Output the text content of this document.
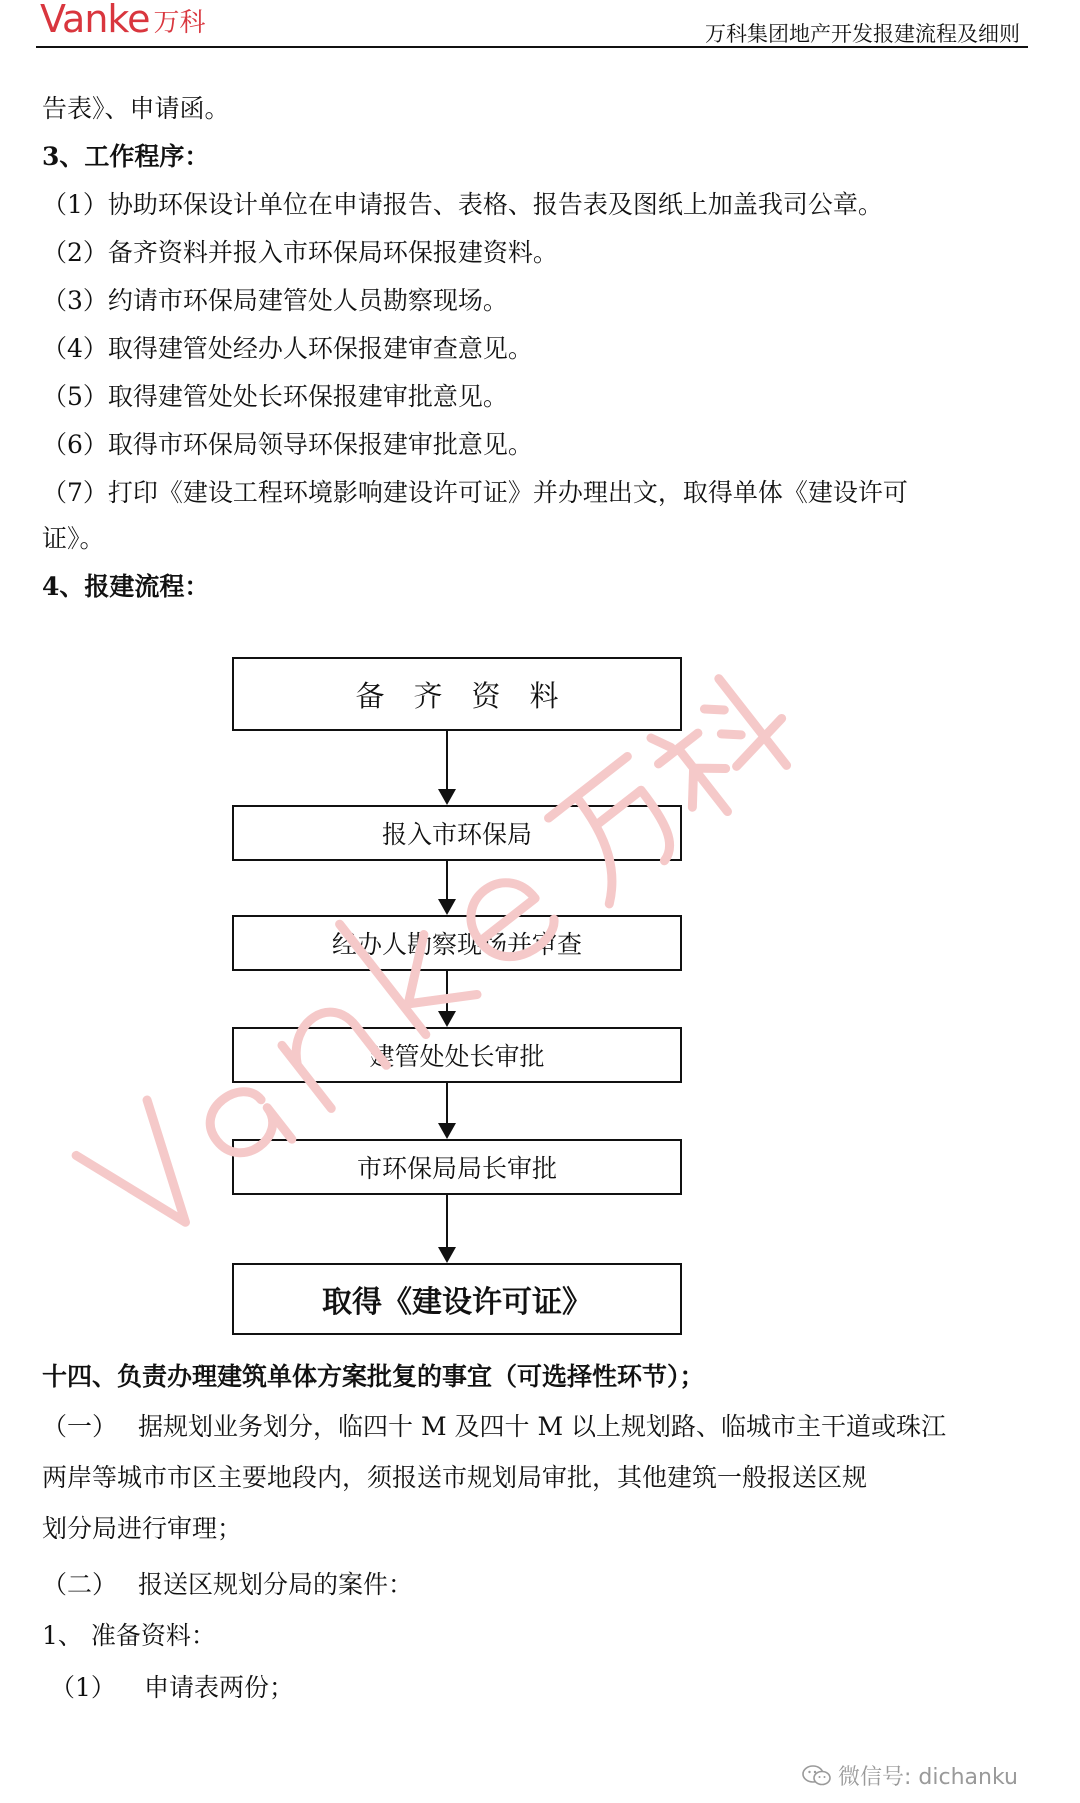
Vanke 万科	万科集团地产开发报建流程及细则
告表》、申请函。
3、工作程序：
（1）协助环保设计单位在申请报告、表格、报告表及图纸上加盖我司公章。
（2）备齐资料并报入市环保局环保报建资料。
（3）约请市环保局建管处人员勘察现场。
（4）取得建管处经办人环保报建审查意见。
（5）取得建管处处长环保报建审批意见。
（6）取得市环保局领导环保报建审批意见。
（7）打印《建设工程环境影响建设许可证》并办理出文，取得单体《建设许可
证》。
4、报建流程：
备　齐　资　料
报入市环保局
经办人勘察现场并审查
建管处处长审批
市环保局局长审批
取得《建设许可证》
十四、负责办理建筑单体方案批复的事宜（可选择性环节）；
（一） 据规划业务划分，临四十 M 及四十 M 以上规划路、临城市主干道或珠江
两岸等城市市区主要地段内，须报送市规划局审批，其他建筑一般报送区规
划分局进行审理；
（二） 报送区规划分局的案件：
1、 准备资料：
（1） 申请表两份；
微信号: dichanku
